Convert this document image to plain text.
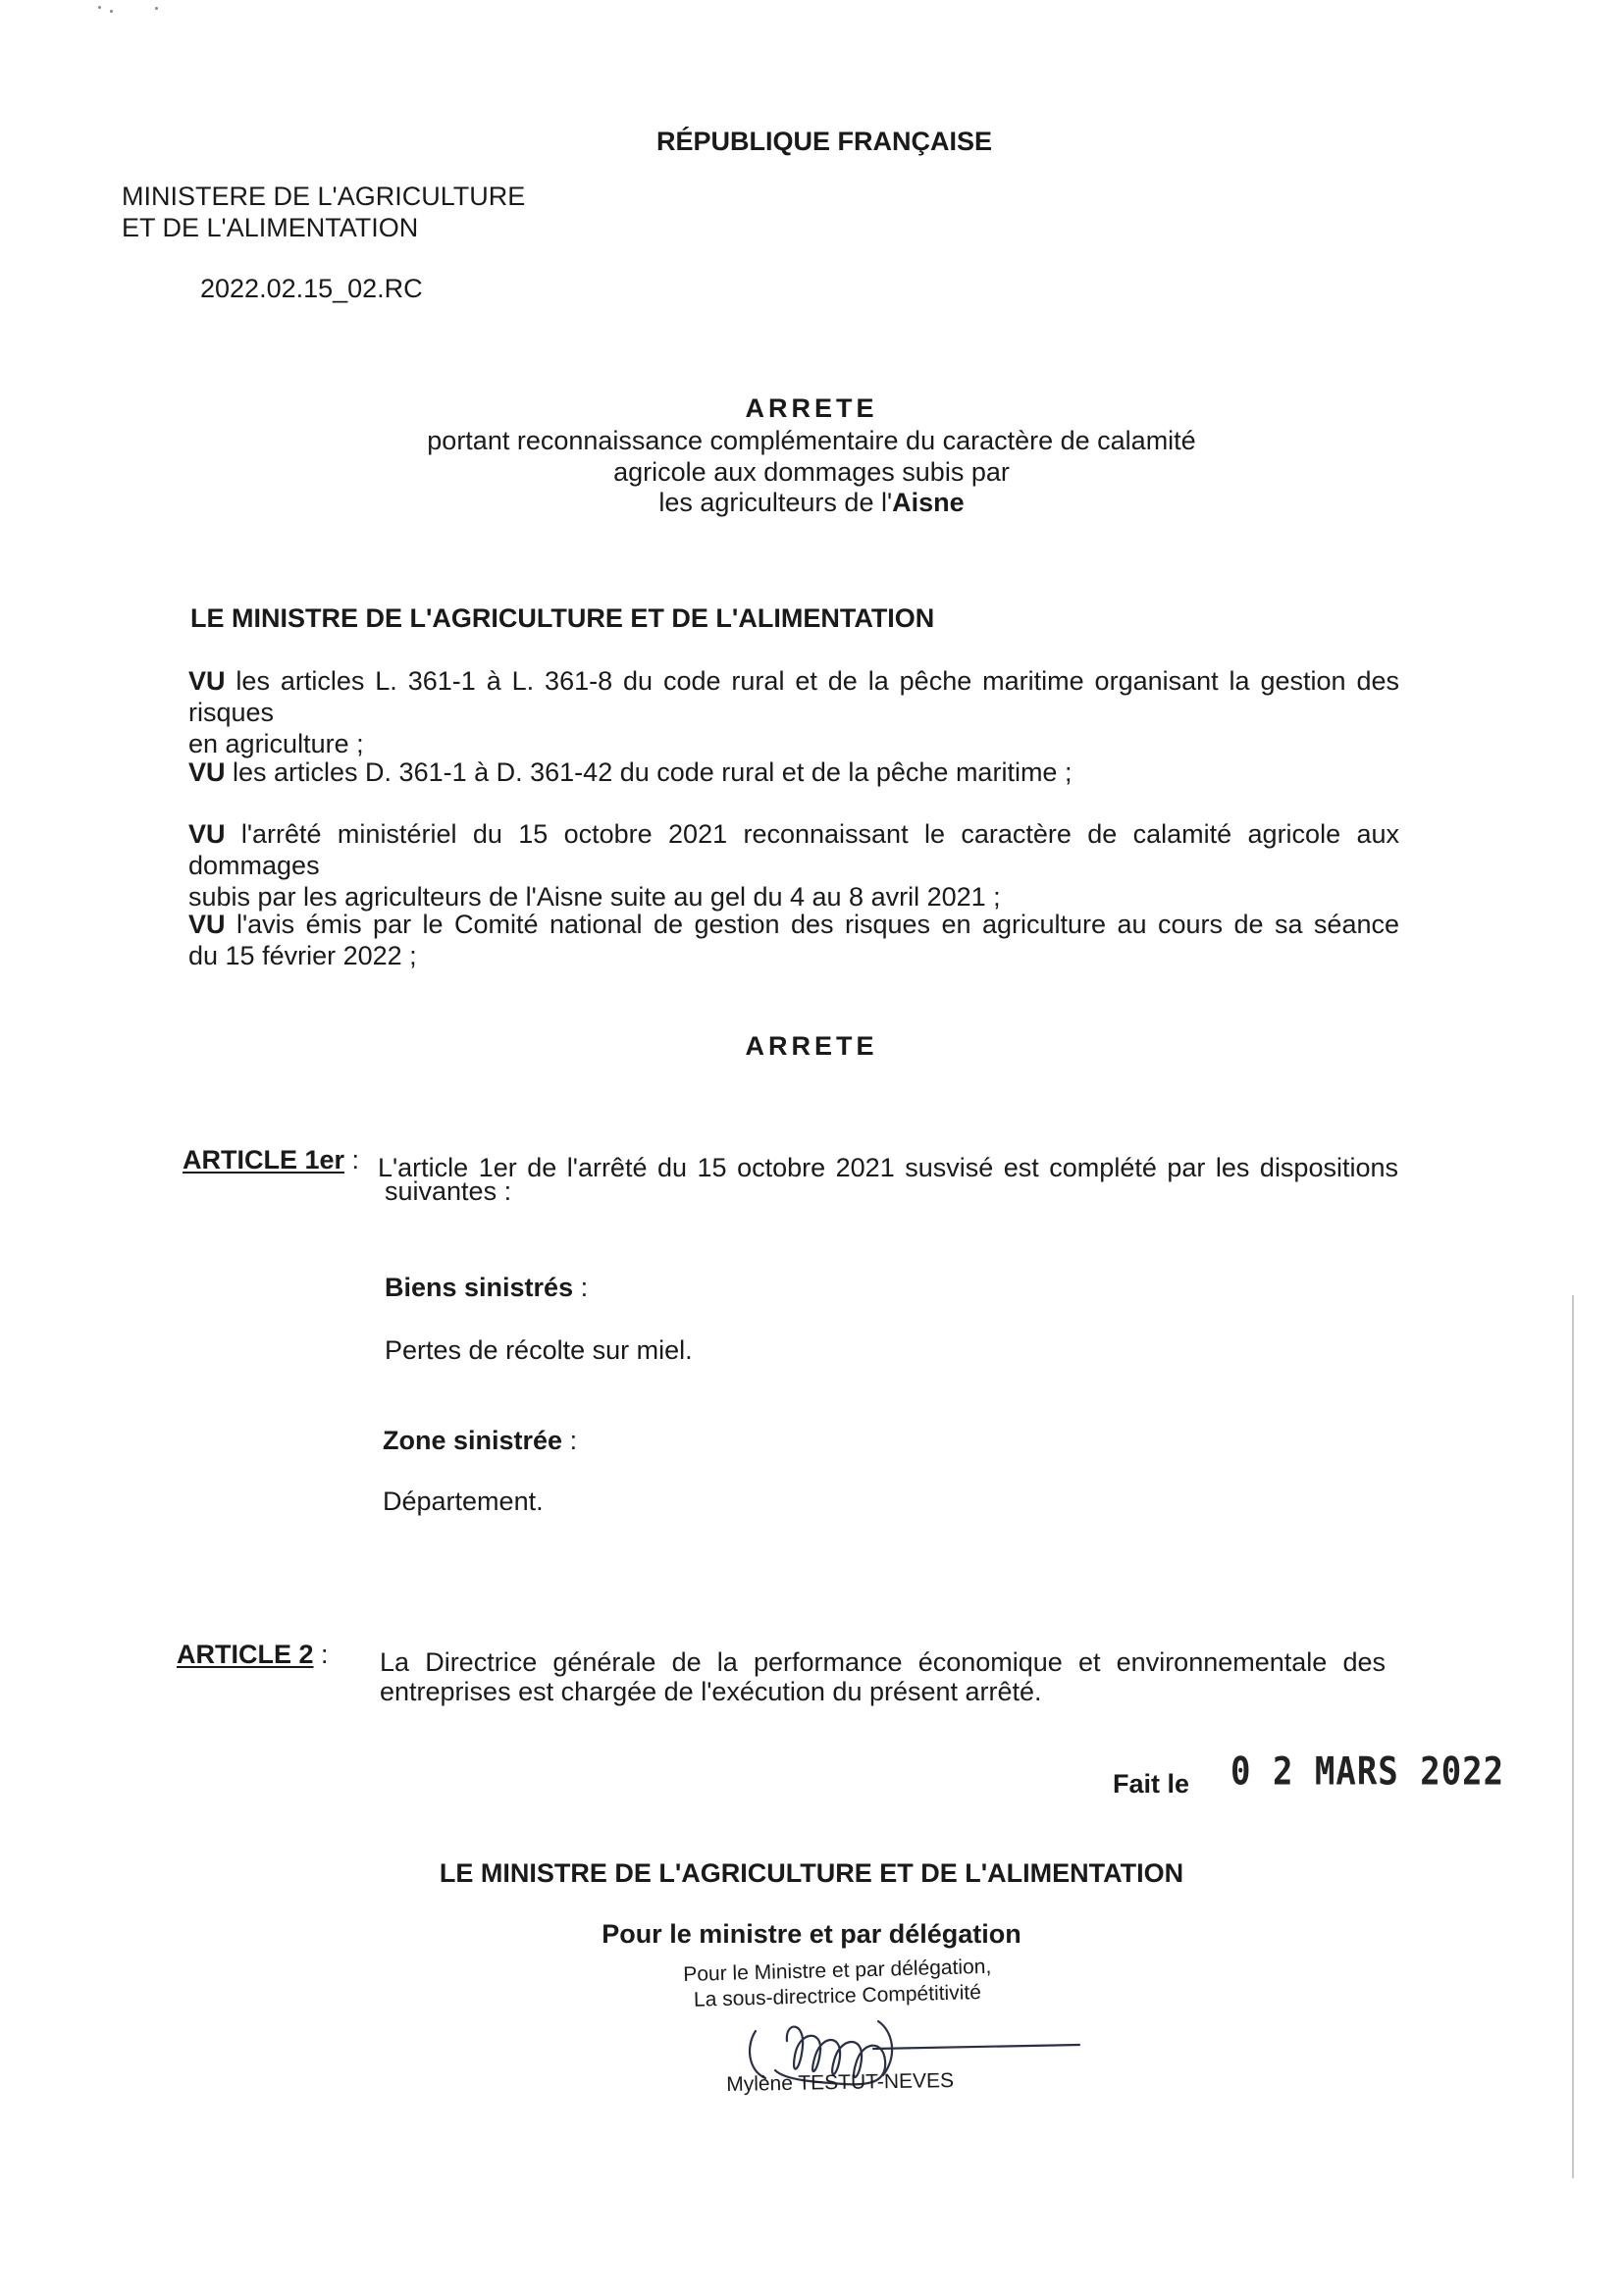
RÉPUBLIQUE FRANÇAISE
MINISTERE DE L'AGRICULTURE
ET DE L'ALIMENTATION
2022.02.15_02.RC
ARRETE
portant reconnaissance complémentaire du caractère de calamité
agricole aux dommages subis par
les agriculteurs de l'Aisne
LE MINISTRE DE L'AGRICULTURE ET DE L'ALIMENTATION
VU les articles L. 361-1 à L. 361-8 du code rural et de la pêche maritime organisant la gestion des risques
en agriculture ;
VU les articles D. 361-1 à D. 361-42 du code rural et de la pêche maritime ;
VU l'arrêté ministériel du 15 octobre 2021 reconnaissant le caractère de calamité agricole aux dommages
subis par les agriculteurs de l'Aisne suite au gel du 4 au 8 avril 2021 ;
VU l'avis émis par le Comité national de gestion des risques en agriculture au cours de sa séance
du 15 février 2022 ;
ARRETE
ARTICLE 1er : L'article 1er de l'arrêté du 15 octobre 2021 susvisé est complété par les dispositions
suivantes :
Biens sinistrés :
Pertes de récolte sur miel.
Zone sinistrée :
Département.
ARTICLE 2 : La Directrice générale de la performance économique et environnementale des
entreprises est chargée de l'exécution du présent arrêté.
Fait le 0 2 MARS 2022
LE MINISTRE DE L'AGRICULTURE ET DE L'ALIMENTATION
Pour le ministre et par délégation
Pour le Ministre et par délégation,
La sous-directrice Compétitivité
Mylène TESTUT-NEVES
